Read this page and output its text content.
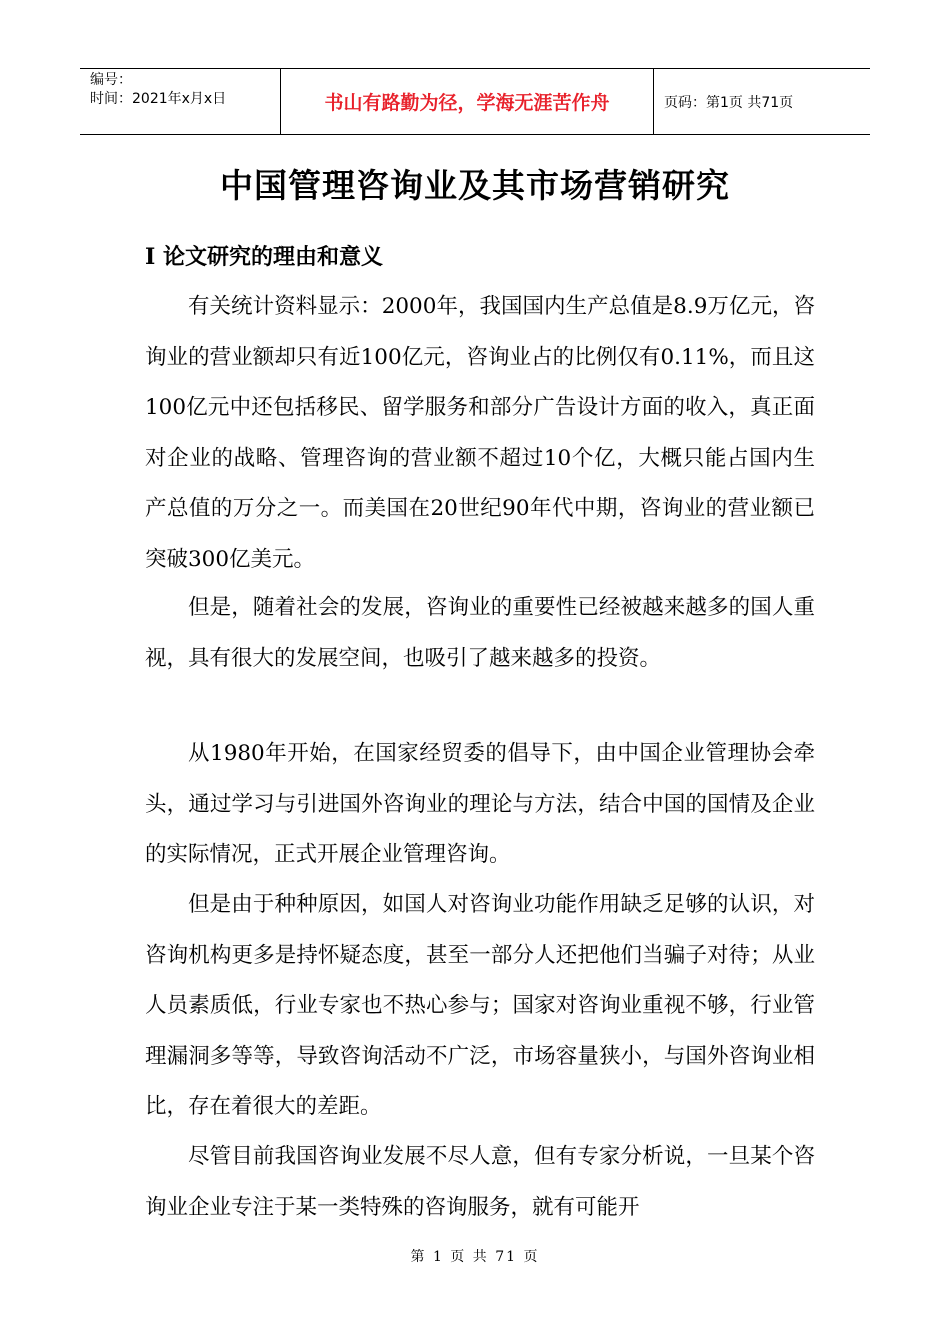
编号：
时间：2021年x月x日	书山有路勤为径，学海无涯苦作舟	页码：第1页 共71页
中国管理咨询业及其市场营销研究
I 论文研究的理由和意义

有关统计资料显示：2000年，我国国内生产总值是8.9万亿元，咨询业的营业额却只有近100亿元，咨询业占的比例仅有0.11%，而且这100亿元中还包括移民、留学服务和部分广告设计方面的收入，真正面对企业的战略、管理咨询的营业额不超过10个亿，大概只能占国内生产总值的万分之一。而美国在20世纪90年代中期，咨询业的营业额已突破300亿美元。

但是，随着社会的发展，咨询业的重要性已经被越来越多的国人重视，具有很大的发展空间，也吸引了越来越多的投资。

从1980年开始，在国家经贸委的倡导下，由中国企业管理协会牵头，通过学习与引进国外咨询业的理论与方法，结合中国的国情及企业的实际情况，正式开展企业管理咨询。

但是由于种种原因，如国人对咨询业功能作用缺乏足够的认识，对咨询机构更多是持怀疑态度，甚至一部分人还把他们当骗子对待；从业人员素质低，行业专家也不热心参与；国家对咨询业重视不够，行业管理漏洞多等等，导致咨询活动不广泛，市场容量狭小，与国外咨询业相比，存在着很大的差距。

尽管目前我国咨询业发展不尽人意，但有专家分析说，一旦某个咨询业企业专注于某一类特殊的咨询服务，就有可能开

第 1 页 共 71 页
